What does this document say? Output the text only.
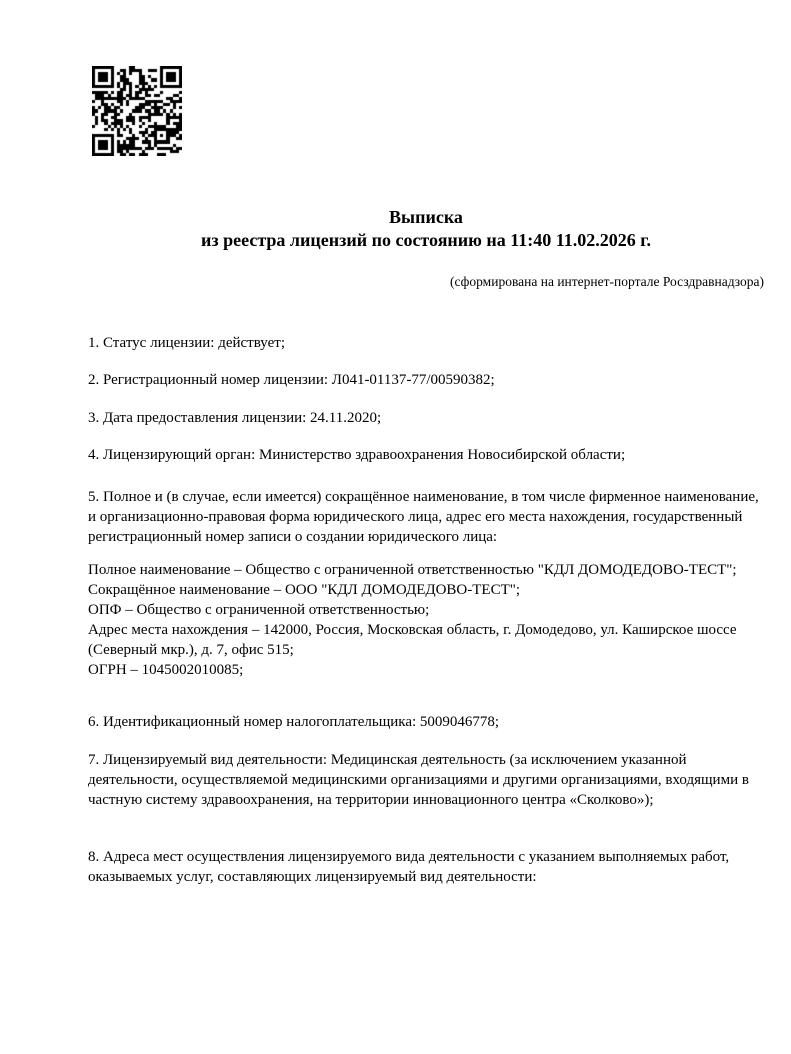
Выписка
из реестра лицензий по состоянию на 11:40 11.02.2026 г.
(сформирована на интернет-портале Росздравнадзора)
1. Статус лицензии: действует;
2. Регистрационный номер лицензии: Л041-01137-77/00590382;
3. Дата предоставления лицензии: 24.11.2020;
4. Лицензирующий орган: Министерство здравоохранения Новосибирской области;
5. Полное и (в случае, если имеется) сокращённое наименование, в том числе фирменное наименование, и организационно-правовая форма юридического лица, адрес его места нахождения, государственный регистрационный номер записи о создании юридического лица:
Полное наименование – Общество с ограниченной ответственностью "КДЛ ДОМОДЕДОВО-ТЕСТ";
Сокращённое наименование – ООО "КДЛ ДОМОДЕДОВО-ТЕСТ";
ОПФ – Общество с ограниченной ответственностью;
Адрес места нахождения – 142000, Россия, Московская область, г. Домодедово, ул. Каширское шоссе (Северный мкр.), д. 7, офис 515;
ОГРН – 1045002010085;
6. Идентификационный номер налогоплательщика: 5009046778;
7. Лицензируемый вид деятельности: Медицинская деятельность (за исключением указанной деятельности, осуществляемой медицинскими организациями и другими организациями, входящими в частную систему здравоохранения, на территории инновационного центра «Сколково»);
8. Адреса мест осуществления лицензируемого вида деятельности с указанием выполняемых работ, оказываемых услуг, составляющих лицензируемый вид деятельности:
